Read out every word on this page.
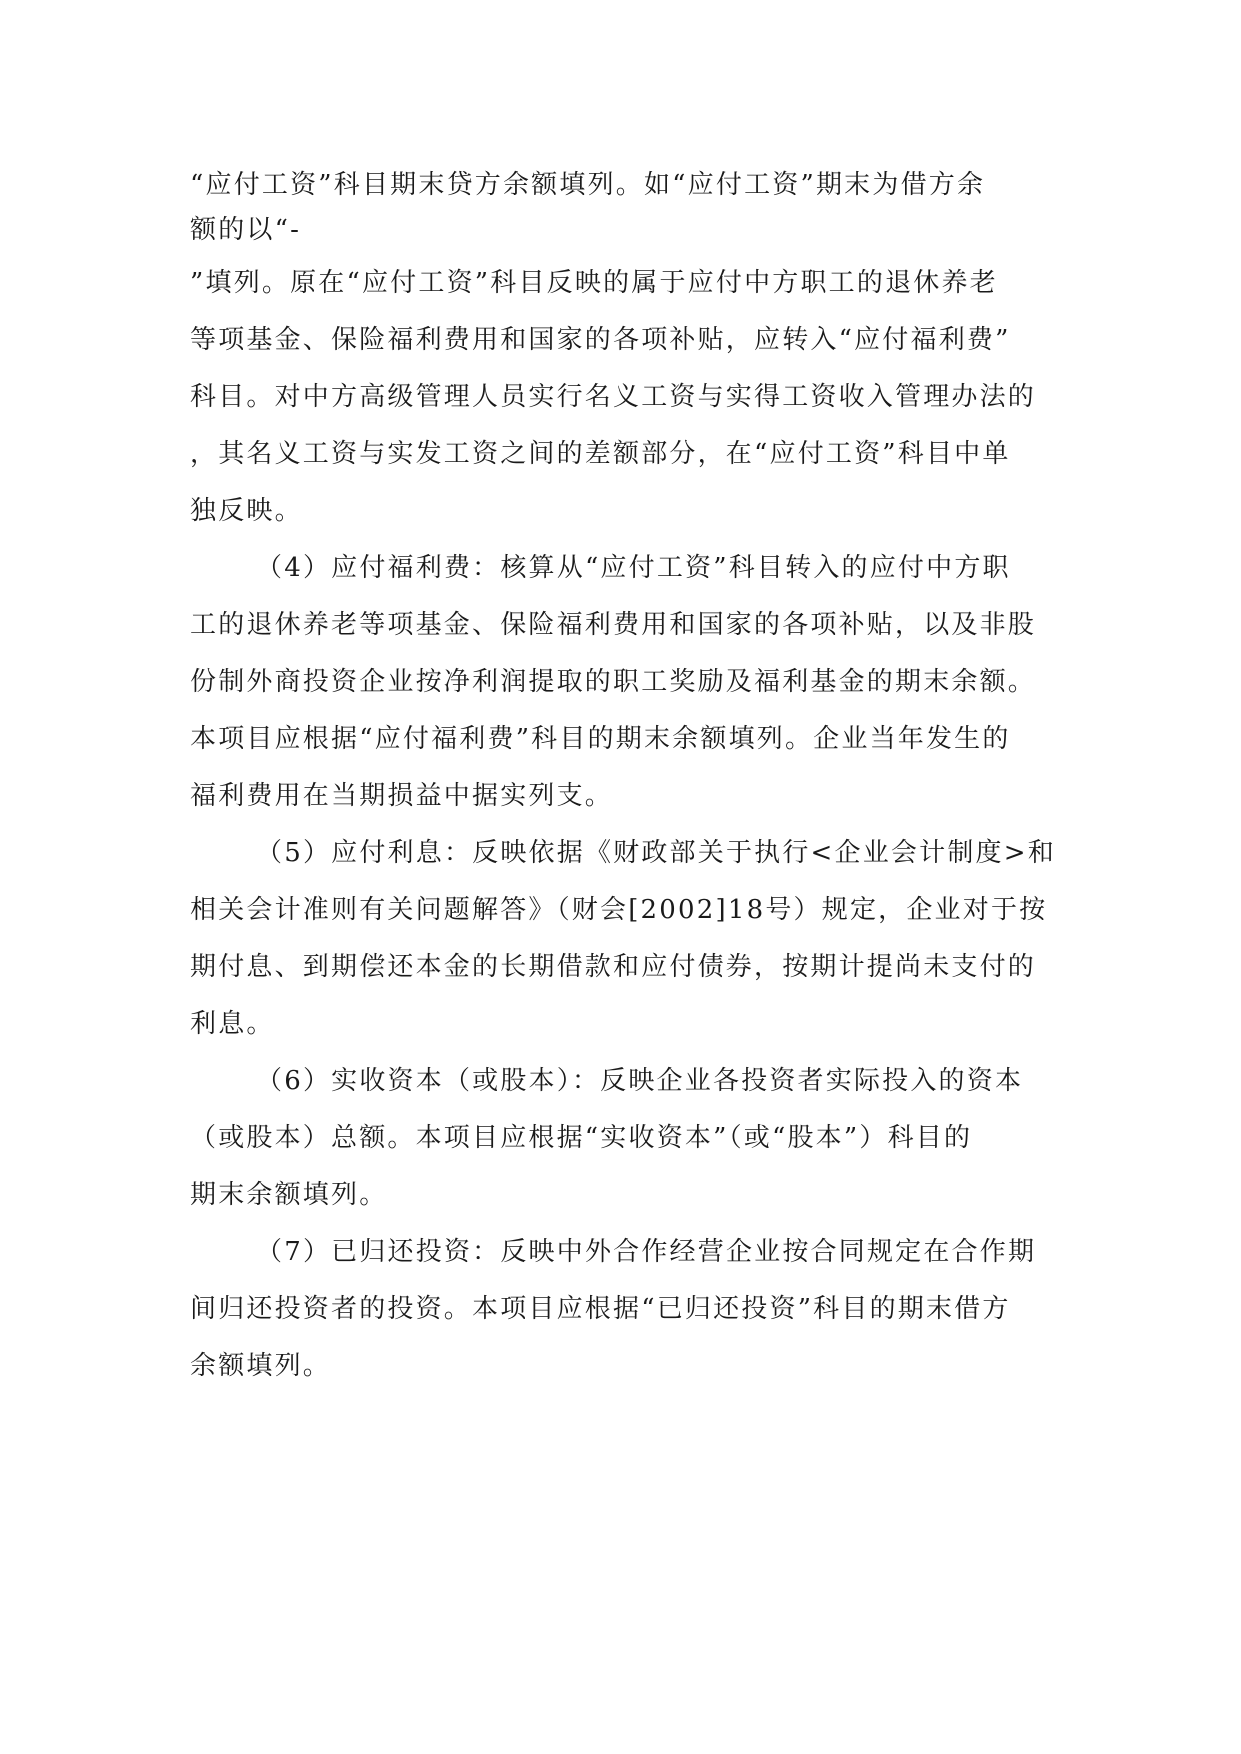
“应付工资”科目期末贷方余额填列。如“应付工资”期末为借方余
额的以“-
”填列。原在“应付工资”科目反映的属于应付中方职工的退休养老
等项基金、保险福利费用和国家的各项补贴，应转入“应付福利费”
科目。对中方高级管理人员实行名义工资与实得工资收入管理办法的
，其名义工资与实发工资之间的差额部分，在“应付工资”科目中单
独反映。
（4）应付福利费：核算从“应付工资”科目转入的应付中方职
工的退休养老等项基金、保险福利费用和国家的各项补贴，以及非股
份制外商投资企业按净利润提取的职工奖励及福利基金的期末余额。
本项目应根据“应付福利费”科目的期末余额填列。企业当年发生的
福利费用在当期损益中据实列支。
（5）应付利息：反映依据《财政部关于执行<企业会计制度>和
相关会计准则有关问题解答》（财会[2002]18号）规定，企业对于按
期付息、到期偿还本金的长期借款和应付债券，按期计提尚未支付的
利息。
（6）实收资本（或股本）：反映企业各投资者实际投入的资本
（或股本）总额。本项目应根据“实收资本”（或“股本”）科目的
期末余额填列。
（7）已归还投资：反映中外合作经营企业按合同规定在合作期
间归还投资者的投资。本项目应根据“已归还投资”科目的期末借方
余额填列。
